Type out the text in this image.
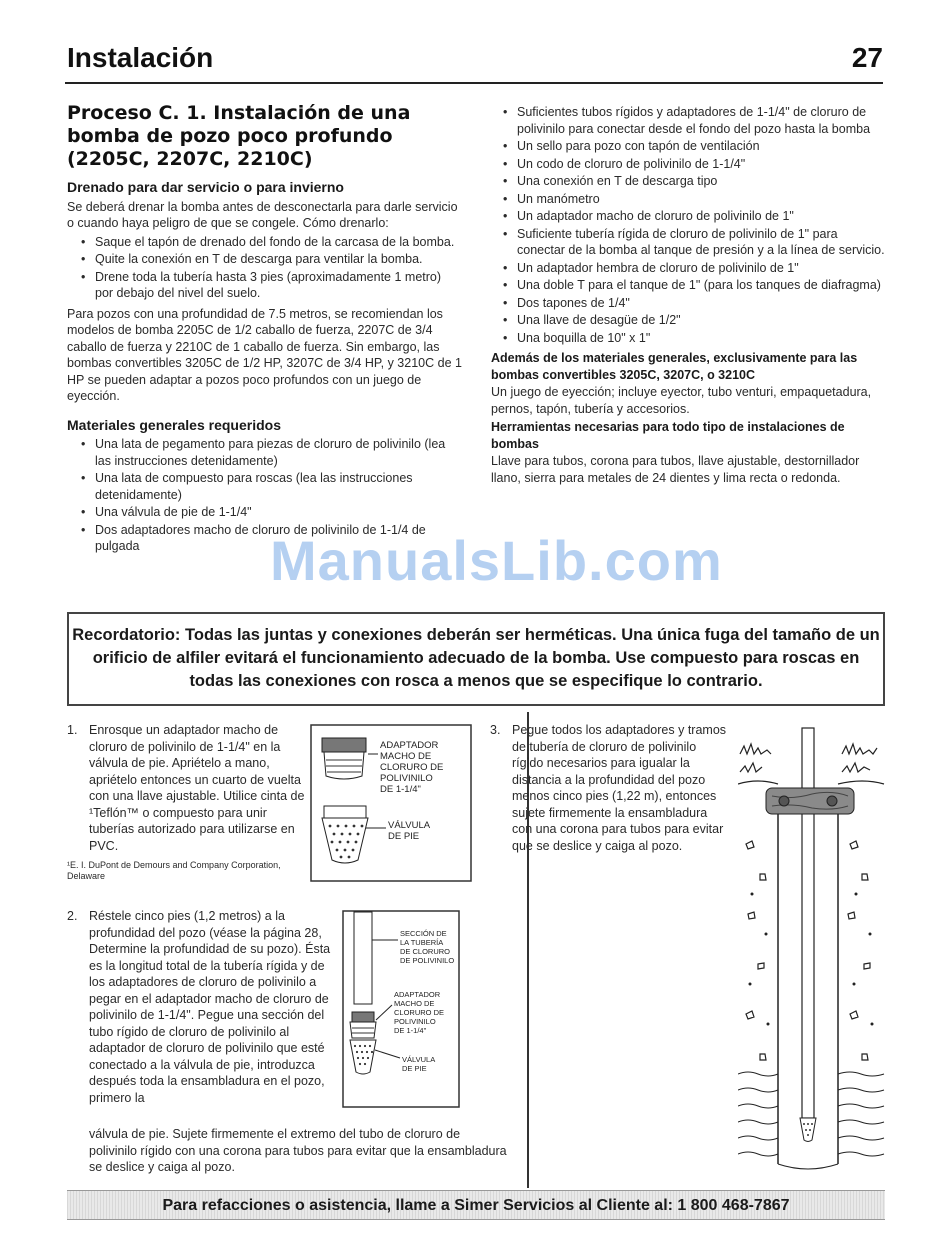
Instalación	27
Proceso C. 1. Instalación de una bomba de pozo poco profundo (2205C, 2207C, 2210C)
Drenado para dar servicio o para invierno

Se deberá drenar la bomba antes de desconectarla para darle servicio o cuando haya peligro de que se congele. Cómo drenarlo:

• Saque el tapón de drenado del fondo de la carcasa de la bomba.
• Quite la conexión en T de descarga para ventilar la bomba.
• Drene toda la tubería hasta 3 pies (aproximadamente 1 metro) por debajo del nivel del suelo.

Para pozos con una profundidad de 7.5 metros, se recomiendan los modelos de bomba 2205C de 1/2 caballo de fuerza, 2207C de 3/4 caballo de fuerza y 2210C de 1 caballo de fuerza. Sin embargo, las bombas convertibles 3205C de 1/2 HP, 3207C de 3/4 HP, y 3210C de 1 HP se pueden adaptar a pozos poco profundos con un juego de eyección.

Materiales generales requeridos
• Una lata de pegamento para piezas de cloruro de polivinilo (lea las instrucciones detenidamente)
• Una lata de compuesto para roscas (lea las instrucciones detenidamente)
• Una válvula de pie de 1-1/4"
• Dos adaptadores macho de cloruro de polivinilo de 1-1/4 de pulgada
• Suficientes tubos rígidos y adaptadores de 1-1/4" de cloruro de polivinilo para conectar desde el fondo del pozo hasta la bomba
• Un sello para pozo con tapón de ventilación
• Un codo de cloruro de polivinilo de 1-1/4"
• Una conexión en T de descarga tipo
• Un manómetro
• Un adaptador macho de cloruro de polivinilo de 1"
• Suficiente tubería rígida de cloruro de polivinilo de 1" para conectar de la bomba al tanque de presión y a la línea de servicio.
• Un adaptador hembra de cloruro de polivinilo de 1"
• Una doble T para el tanque de 1" (para los tanques de diafragma)
• Dos tapones de 1/4"
• Una llave de desagüe de 1/2"
• Una boquilla de 10" x 1"
Además de los materiales generales, exclusivamente para las bombas convertibles 3205C, 3207C, o 3210C

Un juego de eyección; incluye eyector, tubo venturi, empaquetadura, pernos, tapón, tubería y accesorios.

Herramientas necesarias para todo tipo de instalaciones de bombas

Llave para tubos, corona para tubos, llave ajustable, destornillador llano, sierra para metales de 24 dientes y lima recta o redonda.

ManualsLib.com
Recordatorio: Todas las juntas y conexiones deberán ser herméticas. Una única fuga del tamaño de un orificio de alfiler evitará el funcionamiento adecuado de la bomba. Use compuesto para roscas en todas las conexiones con rosca a menos que se especifique lo contrario.
1. Enrosque un adaptador macho de cloruro de polivinilo de 1-1/4" en la válvula de pie. Apriételo a mano, apriételo entonces un cuarto de vuelta con una llave ajustable. Utilice cinta de ¹Teflón™ o compuesto para unir tuberías autorizado para utilizarse en PVC.

¹E. I. DuPont de Demours and Company Corporation, Delaware

ADAPTADOR MACHO DE CLORURO DE POLIVINILO DE 1-1/4"
VÁLVULA DE PIE
2. Réstele cinco pies (1,2 metros) a la profundidad del pozo (véase la página 28, Determine la profundidad de su pozo). Ésta es la longitud total de la tubería rígida y de los adaptadores de cloruro de polivinilo a pegar en el adaptador macho de cloruro de polivinilo de 1-1/4". Pegue una sección del tubo rígido de cloruro de polivinilo al adaptador de cloruro de polivinilo que esté conectado a la válvula de pie, introduzca después toda la ensambladura en el pozo, primero la

válvula de pie. Sujete firmemente el extremo del tubo de cloruro de polivinilo rígido con una corona para tubos para evitar que la ensambladura se deslice y caiga al pozo.

SECCIÓN DE LA TUBERÍA DE CLORURO DE POLIVINILO
ADAPTADOR MACHO DE CLORURO DE POLIVINILO DE 1-1/4"
VÁLVULA DE PIE
3. Pegue todos los adaptadores y tramos de tubería de cloruro de polivinilo rígido necesarios para igualar la distancia a la profundidad del pozo menos cinco pies (1,22 m), entonces sujete firmemente la ensambladura con una corona para tubos para evitar que se deslice y caiga al pozo.

Para refacciones o asistencia, llame a Simer Servicios al Cliente al: 1 800 468-7867
